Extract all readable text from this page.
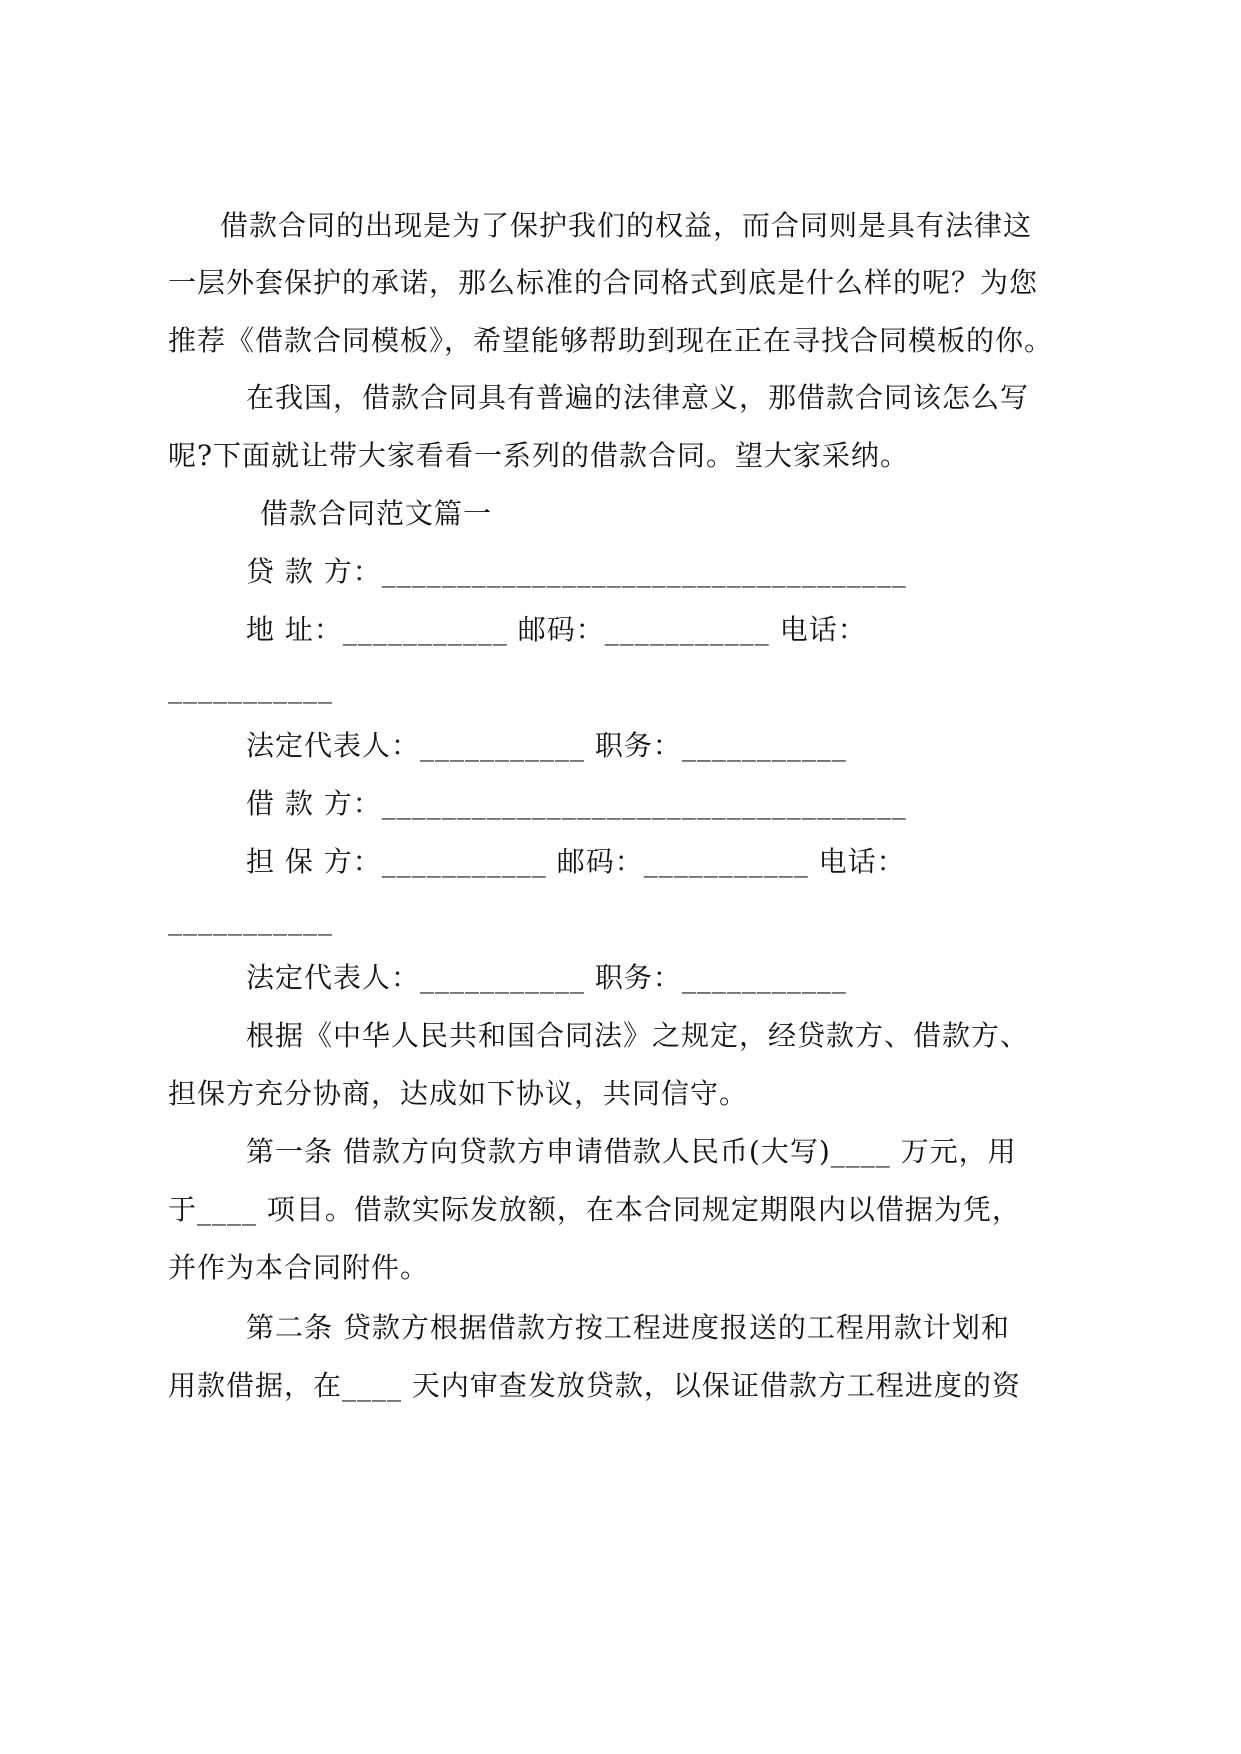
借款合同的出现是为了保护我们的权益，而合同则是具有法律这
一层外套保护的承诺，那么标准的合同格式到底是什么样的呢？为您
推荐《借款合同模板》，希望能够帮助到现在正在寻找合同模板的你。
在我国，借款合同具有普遍的法律意义，那借款合同该怎么写
呢?下面就让带大家看看一系列的借款合同。望大家采纳。
借款合同范文篇一
贷 款 方：___________________________________
地 址：___________ 邮码：___________ 电话：
___________
法定代表人：___________ 职务：___________
借 款 方：___________________________________
担 保 方：___________ 邮码：___________ 电话：
___________
法定代表人：___________ 职务：___________
根据《中华人民共和国合同法》之规定，经贷款方、借款方、
担保方充分协商，达成如下协议，共同信守。
第一条 借款方向贷款方申请借款人民币(大写)____ 万元，用
于____ 项目。借款实际发放额，在本合同规定期限内以借据为凭，
并作为本合同附件。
第二条 贷款方根据借款方按工程进度报送的工程用款计划和
用款借据，在____ 天内审查发放贷款，以保证借款方工程进度的资
